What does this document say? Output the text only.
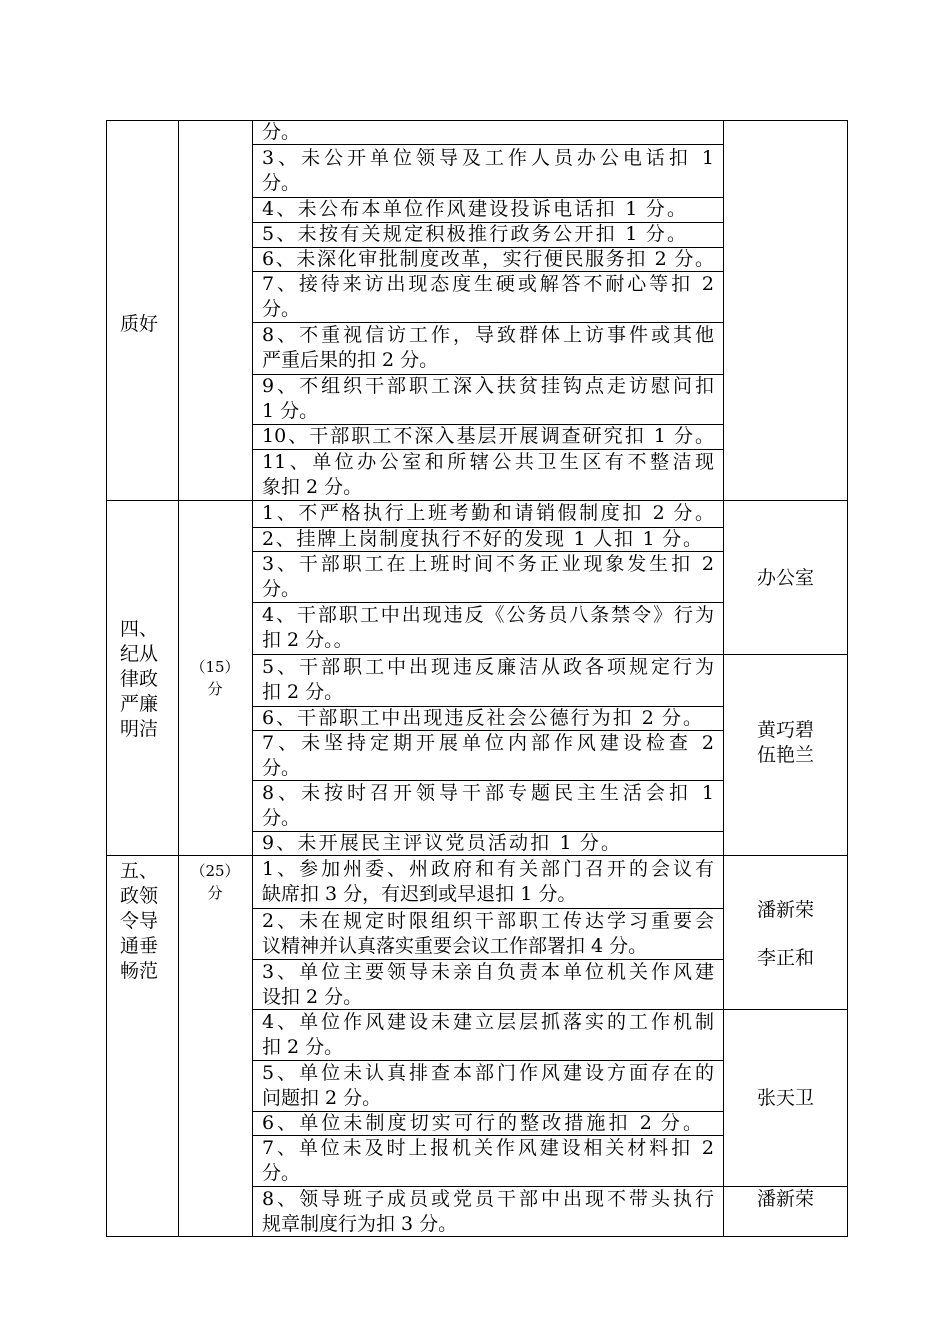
质好
四、
纪从
律政
严廉
明洁
（15）
分
五、
政领
令导
通垂
畅范
（25）
分
分。
3、未公开单位领导及工作人员办公电话扣 1
分。
4、未公布本单位作风建设投诉电话扣 1 分。
5、未按有关规定积极推行政务公开扣 1 分。
6、未深化审批制度改革，实行便民服务扣 2 分。
7、接待来访出现态度生硬或解答不耐心等扣 2
分。
8、不重视信访工作，导致群体上访事件或其他
严重后果的扣 2 分。
9、不组织干部职工深入扶贫挂钩点走访慰问扣
1 分。
10、干部职工不深入基层开展调查研究扣 1 分。
11、单位办公室和所辖公共卫生区有不整洁现
象扣 2 分。
1、不严格执行上班考勤和请销假制度扣 2 分。
2、挂牌上岗制度执行不好的发现 1 人扣 1 分。
3、干部职工在上班时间不务正业现象发生扣 2
分。
4、干部职工中出现违反《公务员八条禁令》行为
扣 2 分。。
5、干部职工中出现违反廉洁从政各项规定行为
扣 2 分。
6、干部职工中出现违反社会公德行为扣 2 分。
7、未坚持定期开展单位内部作风建设检查 2
分。
8、未按时召开领导干部专题民主生活会扣 1
分。
9、未开展民主评议党员活动扣 1 分。
1、参加州委、州政府和有关部门召开的会议有
缺席扣 3 分，有迟到或早退扣 1 分。
2、未在规定时限组织干部职工传达学习重要会
议精神并认真落实重要会议工作部署扣 4 分。
3、单位主要领导未亲自负责本单位机关作风建
设扣 2 分。
4、单位作风建设未建立层层抓落实的工作机制
扣 2 分。
5、单位未认真排查本部门作风建设方面存在的
问题扣 2 分。
6、单位未制度切实可行的整改措施扣 2 分。
7、单位未及时上报机关作风建设相关材料扣 2
分。
8、领导班子成员或党员干部中出现不带头执行
规章制度行为扣 3 分。
办公室
黄巧碧
伍艳兰
潘新荣
李正和
张天卫
潘新荣
